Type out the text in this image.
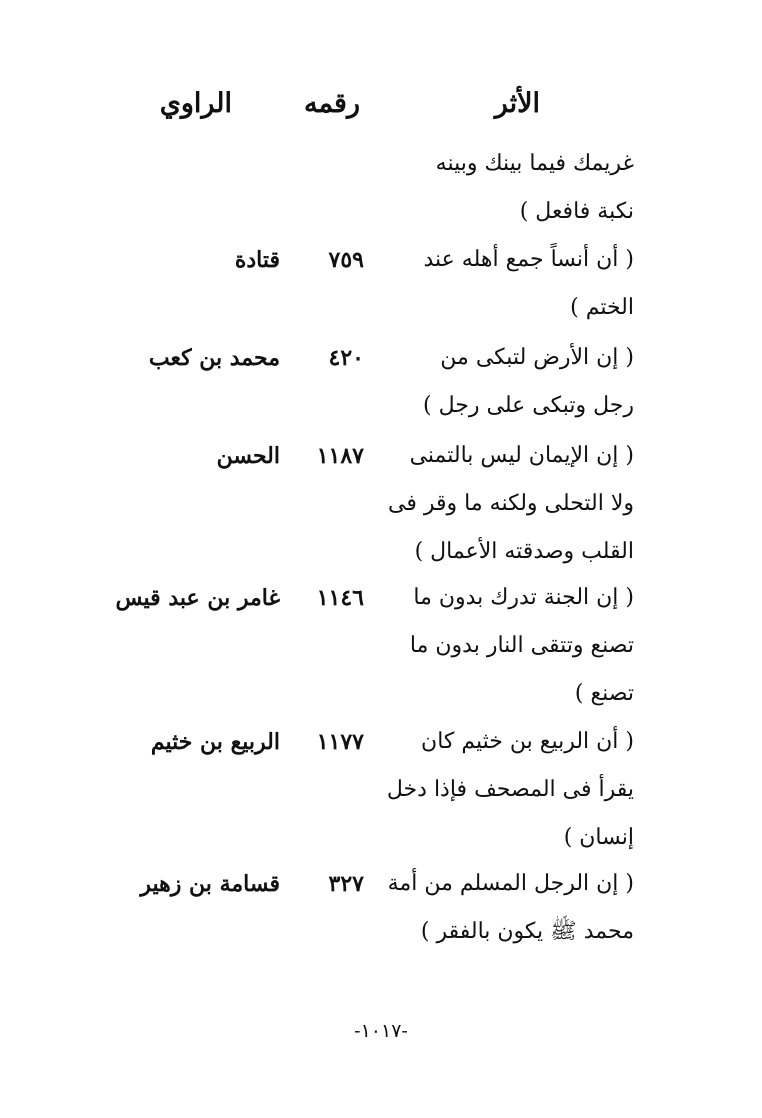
الأثر
رقمه
الراوي
غريمك فيما بينك وبينه
نكبة فافعل )
( أن أنساً جمع أهله عند
الختم )
٧٥٩
قتادة
( إن الأرض لتبكى من
رجل وتبكى على رجل )
٤٢٠
محمد بن كعب
( إن الإيمان ليس بالتمنى
ولا التحلى ولكنه ما وقر فى
القلب وصدقته الأعمال )
١١٨٧
الحسن
( إن الجنة تدرك بدون ما
تصنع وتتقى النار بدون ما
تصنع )
١١٤٦
غامر بن عبد قيس
( أن الربيع بن خثيم كان
يقرأ فى المصحف فإذا دخل
إنسان )
١١٧٧
الربيع بن خثيم
( إن الرجل المسلم من أمة
محمد ﷺ يكون بالفقر )
٣٢٧
قسامة بن زهير
-١٠١٧-
